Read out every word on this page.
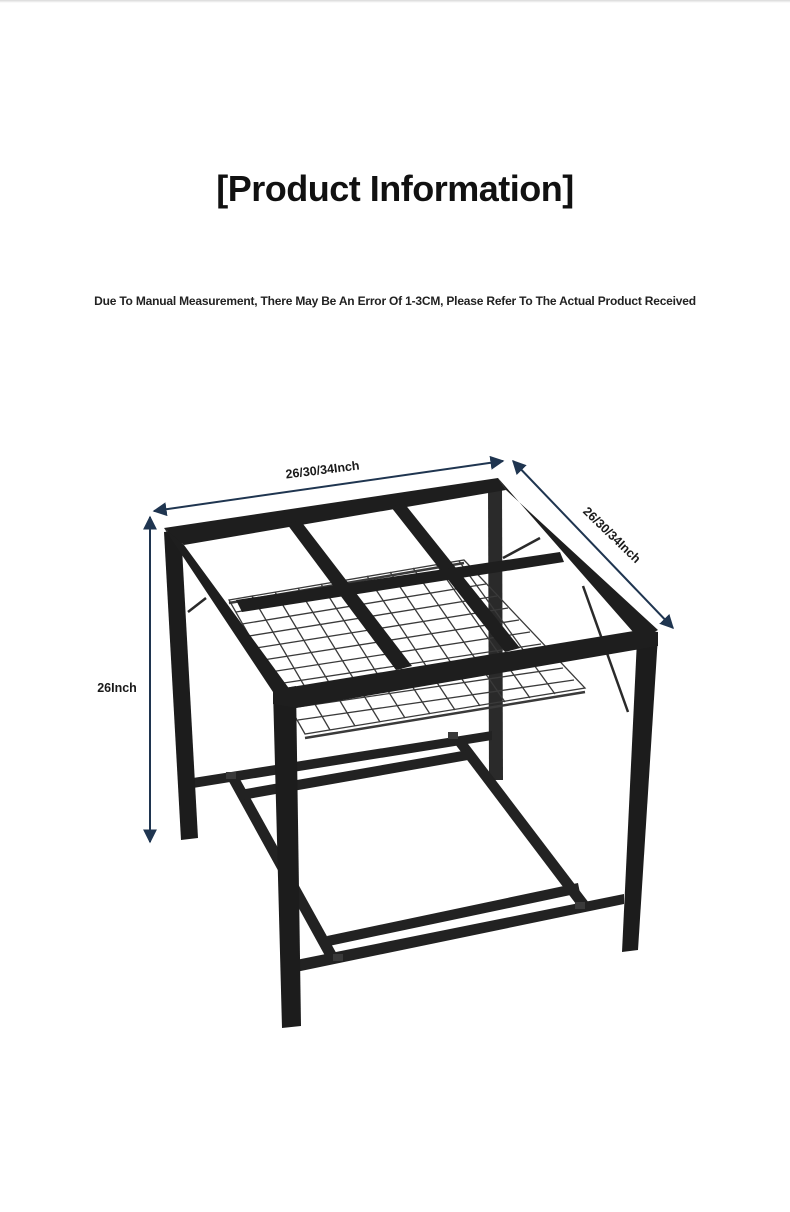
[Product Information]

Due To Manual Measurement, There May Be An Error Of 1-3CM, Please Refer To The Actual Product Received

26/30/34Inch
26/30/34Inch
26Inch
